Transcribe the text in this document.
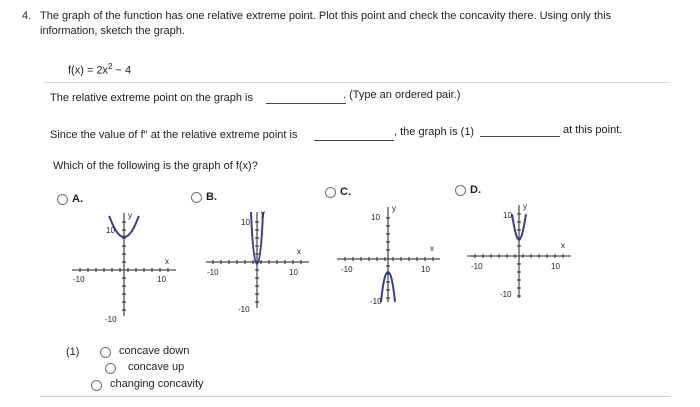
4. The graph of the function has one relative extreme point. Plot this point and check the concavity there. Using only this
information, sketch the graph.
$f(x) = 2x^2 - 4$
The relative extreme point on the graph is	. (Type an ordered pair.)
Since the value of f′′ at the relative extreme point is	, the graph is (1)	at this point.
Which of the following is the graph of f(x)?
A.	B.	C.	D.
y
10
x
-10	10
-10
y
10
x
-10	10
-10
y
10
x
-10	10
-10
y
10
x
-10	10
-10
(1)	concave down
concave up
changing concavity
